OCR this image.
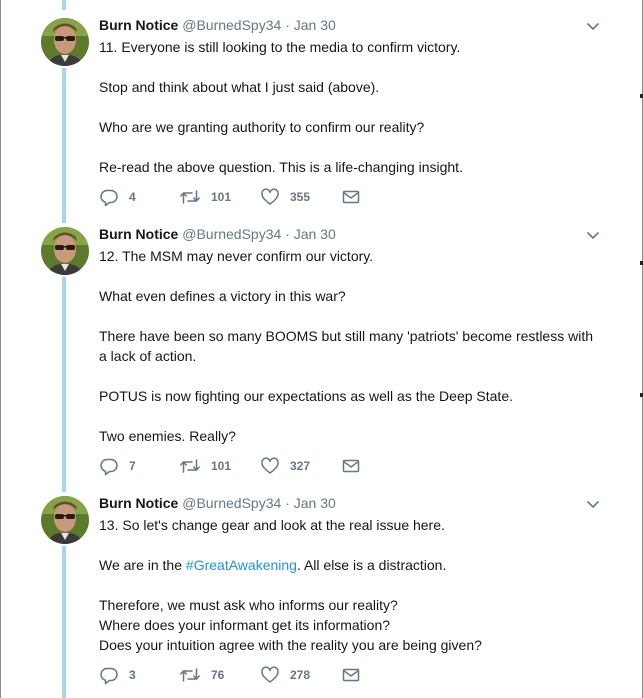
Burn Notice @BurnedSpy34 · Jan 30

11. Everyone is still looking to the media to confirm victory.

Stop and think about what I just said (above).

Who are we granting authority to confirm our reality?

Re-read the above question. This is a life-changing insight.

4	101	355
Burn Notice @BurnedSpy34 · Jan 30

12. The MSM may never confirm our victory.

What even defines a victory in this war?

There have been so many BOOMS but still many 'patriots' become restless with

a lack of action.

POTUS is now fighting our expectations as well as the Deep State.

Two enemies. Really?

7	101	327
Burn Notice @BurnedSpy34 · Jan 30

13. So let's change gear and look at the real issue here.

We are in the #GreatAwakening. All else is a distraction.

Therefore, we must ask who informs our reality?

Where does your informant get its information?

Does your intuition agree with the reality you are being given?

3	76	278
